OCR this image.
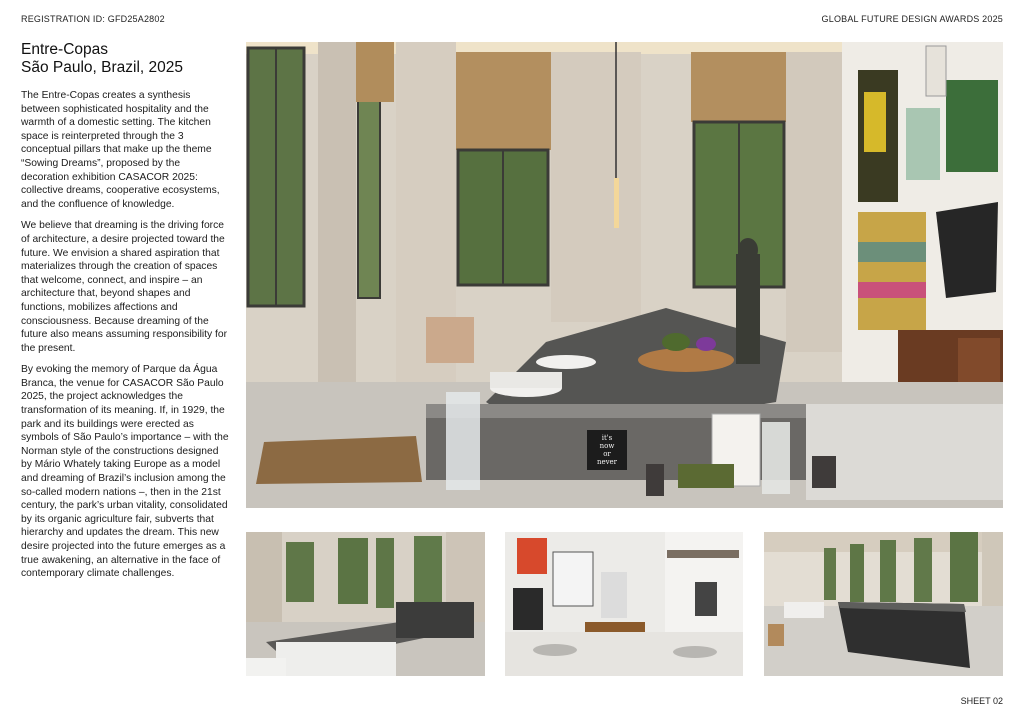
REGISTRATION ID: GFD25A2802	GLOBAL FUTURE DESIGN AWARDS 2025
Entre-Copas
São Paulo, Brazil, 2025

The Entre-Copas creates a synthesis between sophisticated hospitality and the warmth of a domestic setting. The kitchen space is reinterpreted through the 3 conceptual pillars that make up the theme “Sowing Dreams”, proposed by the decoration exhibition CASACOR 2025: collective dreams, cooperative ecosystems, and the confluence of knowledge.

We believe that dreaming is the driving force of architecture, a desire projected toward the future. We envision a shared aspiration that materializes through the creation of spaces that welcome, connect, and inspire – an architecture that, beyond shapes and functions, mobilizes affections and consciousness. Because dreaming of the future also means assuming responsibility for the present.

By evoking the memory of Parque da Água Branca, the venue for CASACOR São Paulo 2025, the project acknowledges the transformation of its meaning. If, in 1929, the park and its buildings were erected as symbols of São Paulo’s importance – with the Norman style of the constructions designed by Mário Whately taking Europe as a model and dreaming of Brazil’s inclusion among the so-called modern nations –, then in the 21st century, the park’s urban vitality, consolidated by its organic agriculture fair, subverts that hierarchy and updates the dream. This new desire projected into the future emerges as a true awakening, an alternative in the face of contemporary climate challenges.

it's
now
or
never
SHEET 02
